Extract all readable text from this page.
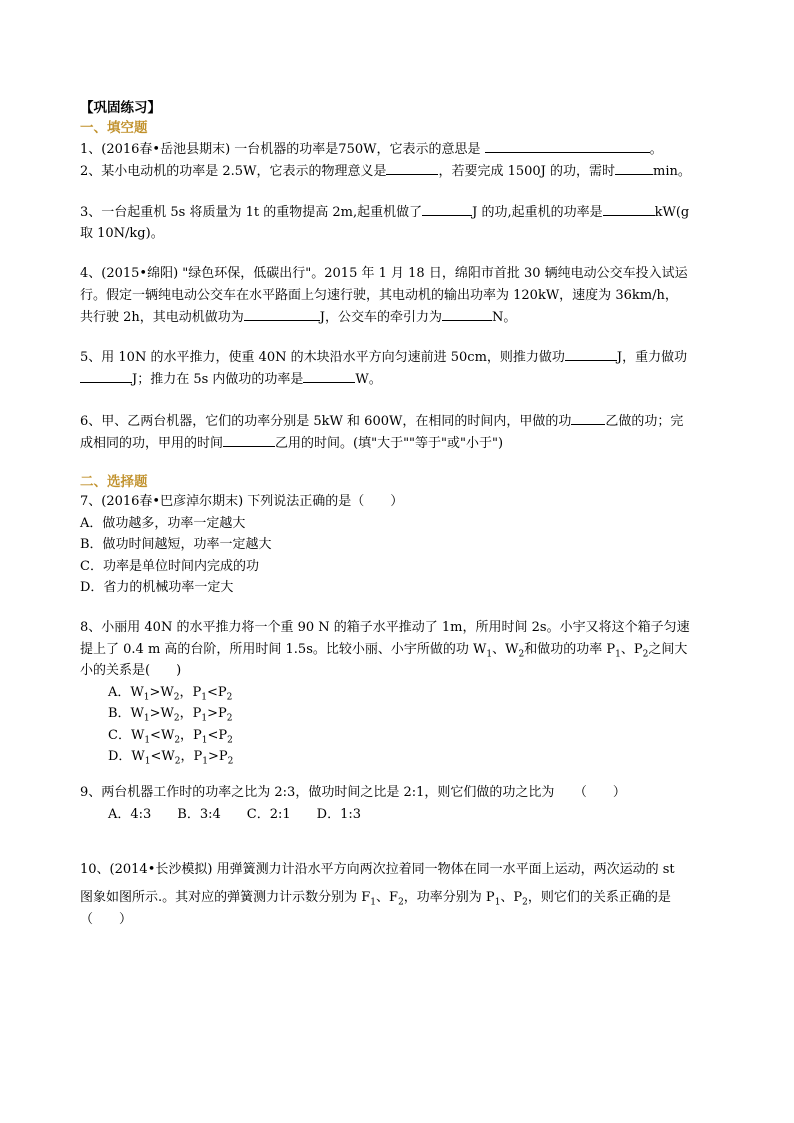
【巩固练习】
一、填空题
1、(2016春•岳池县期末) 一台机器的功率是750W，它表示的意思是	。
2、某小电动机的功率是 2.5W，它表示的物理意义是	，若要完成 1500J 的功，需时	min。
3、一台起重机 5s 将质量为 1t 的重物提高 2m,起重机做了	J 的功,起重机的功率是	kW(g
取 10N/kg)。
4、(2015•绵阳) "绿色环保，低碳出行"。2015 年 1 月 18 日，绵阳市首批 30 辆纯电动公交车投入试运
行。假定一辆纯电动公交车在水平路面上匀速行驶，其电动机的输出功率为 120kW，速度为 36km/h，
共行驶 2h，其电动机做功为	J，公交车的牵引力为	N。
5、用 10N 的水平推力，使重 40N 的木块沿水平方向匀速前进 50cm，则推力做功	J，重力做功
J；推力在 5s 内做功的功率是	W。
6、甲、乙两台机器，它们的功率分别是 5kW 和 600W，在相同的时间内，甲做的功	乙做的功；完
成相同的功，甲用的时间	乙用的时间。(填"大于""等于"或"小于")
二、选择题
7、(2016春•巴彦淖尔期末) 下列说法正确的是（　　）
A．做功越多，功率一定越大
B．做功时间越短，功率一定越大
C．功率是单位时间内完成的功
D．省力的机械功率一定大
8、小丽用 40N 的水平推力将一个重 90 N 的箱子水平推动了 1m，所用时间 2s。小宇又将这个箱子匀速
提上了 0.4 m 高的台阶，所用时间 1.5s。比较小丽、小宇所做的功 $W_1$、$W_2$和做功的功率 $P_1$、$P_2$之间大
小的关系是(　　)
A．$W_1>W_2$，$P_1<P_2$
B．$W_1>W_2$，$P_1>P_2$
C．$W_1<W_2$，$P_1<P_2$
D．$W_1<W_2$，$P_1>P_2$
9、两台机器工作时的功率之比为 2:3，做功时间之比是 2:1，则它们做的功之比为　　（　　）
A．4:3　　B．3:4　　C．2:1　　D．1:3
10、(2014•长沙模拟) 用弹簧测力计沿水平方向两次拉着同一物体在同一水平面上运动，两次运动的 st
图象如图所示.。其对应的弹簧测力计示数分别为 $F_1$、$F_2$，功率分别为 $P_1$、$P_2$，则它们的关系正确的是
（　　）
